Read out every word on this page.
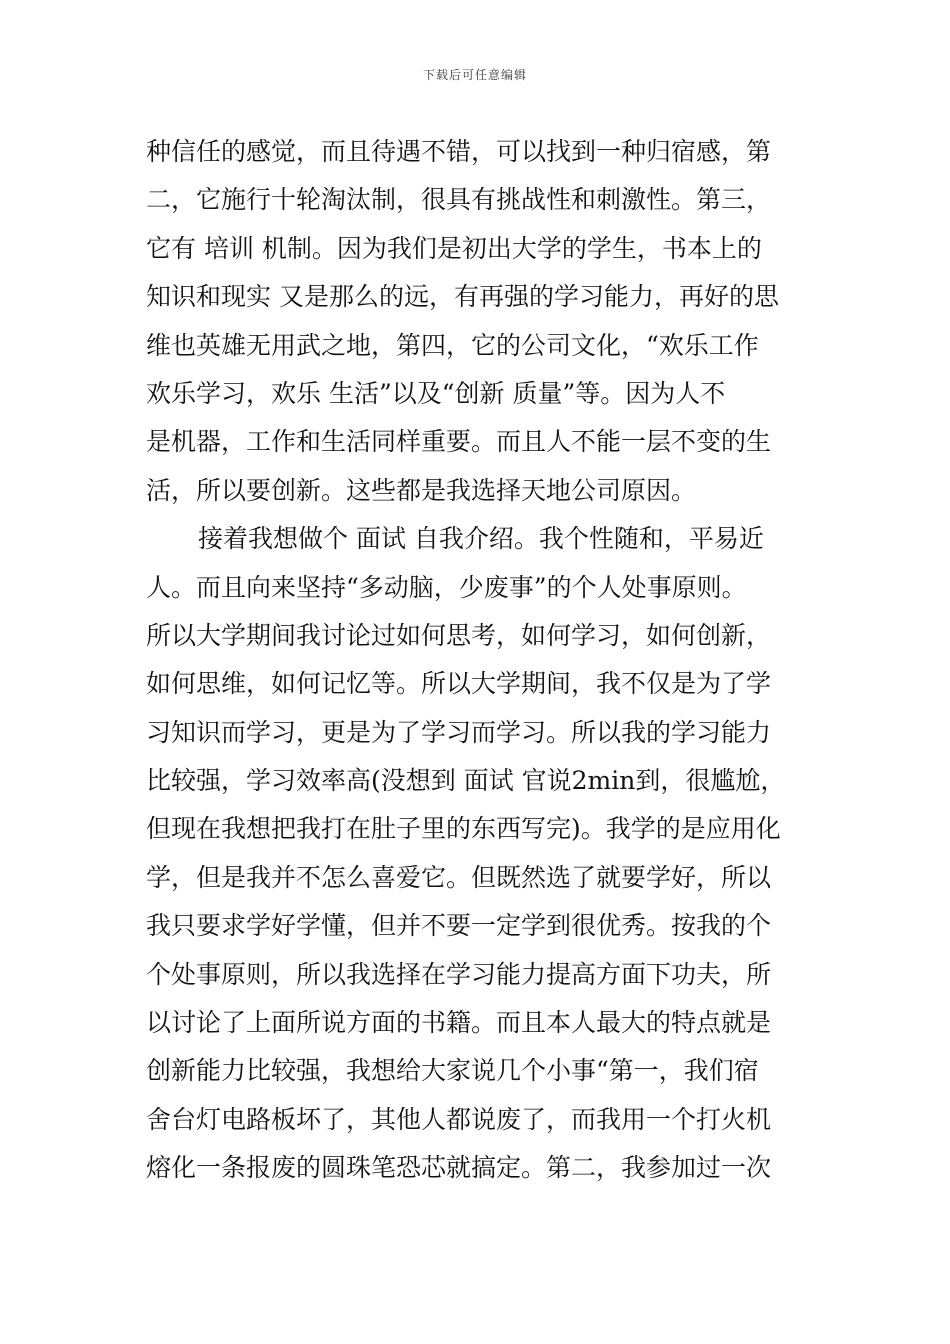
下载后可任意编辑
种信任的感觉，而且待遇不错，可以找到一种归宿感，第
二，它施行十轮淘汰制，很具有挑战性和刺激性。第三，
它有 培训 机制。因为我们是初出大学的学生，书本上的
知识和现实 又是那么的远，有再强的学习能力，再好的思
维也英雄无用武之地，第四，它的公司文化，“欢乐工作
欢乐学习，欢乐 生活”以及“创新 质量”等。因为人不
是机器，工作和生活同样重要。而且人不能一层不变的生
活，所以要创新。这些都是我选择天地公司原因。
接着我想做个 面试 自我介绍。我个性随和，平易近
人。而且向来坚持“多动脑，少废事”的个人处事原则。
所以大学期间我讨论过如何思考，如何学习，如何创新，
如何思维，如何记忆等。所以大学期间，我不仅是为了学
习知识而学习，更是为了学习而学习。所以我的学习能力
比较强，学习效率高(没想到 面试 官说2min到，很尴尬，
但现在我想把我打在肚子里的东西写完)。我学的是应用化
学，但是我并不怎么喜爱它。但既然选了就要学好，所以
我只要求学好学懂，但并不要一定学到很优秀。按我的个
个处事原则，所以我选择在学习能力提高方面下功夫，所
以讨论了上面所说方面的书籍。而且本人最大的特点就是
创新能力比较强，我想给大家说几个小事“第一，我们宿
舍台灯电路板坏了，其他人都说废了，而我用一个打火机
熔化一条报废的圆珠笔恐芯就搞定。第二，我参加过一次
